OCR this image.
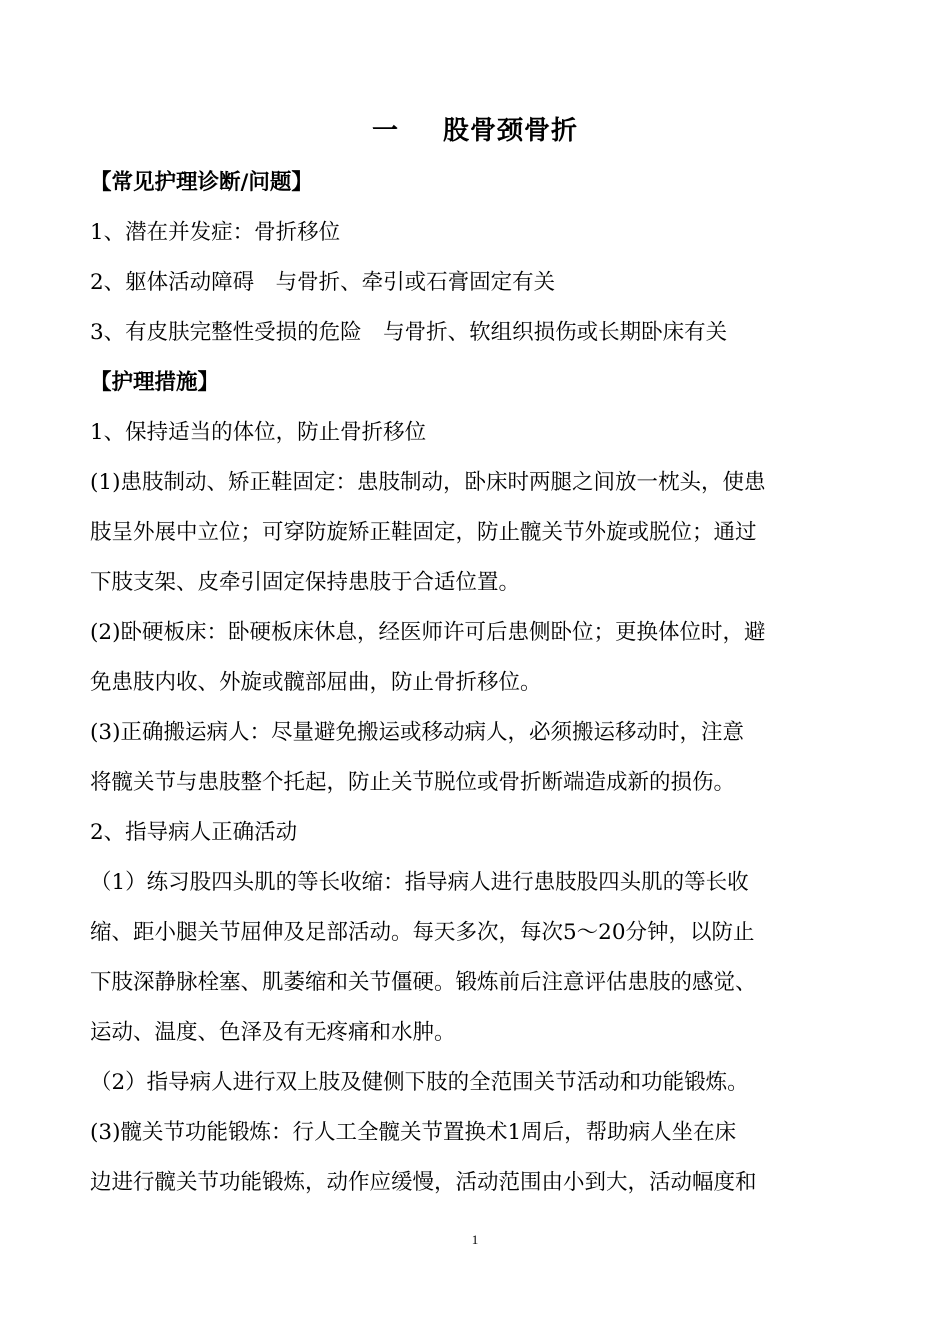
一 股骨颈骨折
【常见护理诊断/问题】
1、潜在并发症：骨折移位
2、躯体活动障碍　与骨折、牵引或石膏固定有关
3、有皮肤完整性受损的危险　与骨折、软组织损伤或长期卧床有关
【护理措施】
1、保持适当的体位，防止骨折移位
(1)患肢制动、矫正鞋固定：患肢制动，卧床时两腿之间放一枕头，使患
肢呈外展中立位；可穿防旋矫正鞋固定，防止髋关节外旋或脱位；通过
下肢支架、皮牵引固定保持患肢于合适位置。
(2)卧硬板床：卧硬板床休息，经医师许可后患侧卧位；更换体位时，避
免患肢内收、外旋或髋部屈曲，防止骨折移位。
(3)正确搬运病人：尽量避免搬运或移动病人，必须搬运移动时，注意
将髋关节与患肢整个托起，防止关节脱位或骨折断端造成新的损伤。
2、指导病人正确活动
（1）练习股四头肌的等长收缩：指导病人进行患肢股四头肌的等长收
缩、距小腿关节屈伸及足部活动。每天多次，每次5～20分钟，以防止
下肢深静脉栓塞、肌萎缩和关节僵硬。锻炼前后注意评估患肢的感觉、
运动、温度、色泽及有无疼痛和水肿。
（2）指导病人进行双上肢及健侧下肢的全范围关节活动和功能锻炼。
(3)髋关节功能锻炼：行人工全髋关节置换术1周后，帮助病人坐在床
边进行髋关节功能锻炼，动作应缓慢，活动范围由小到大，活动幅度和
1
